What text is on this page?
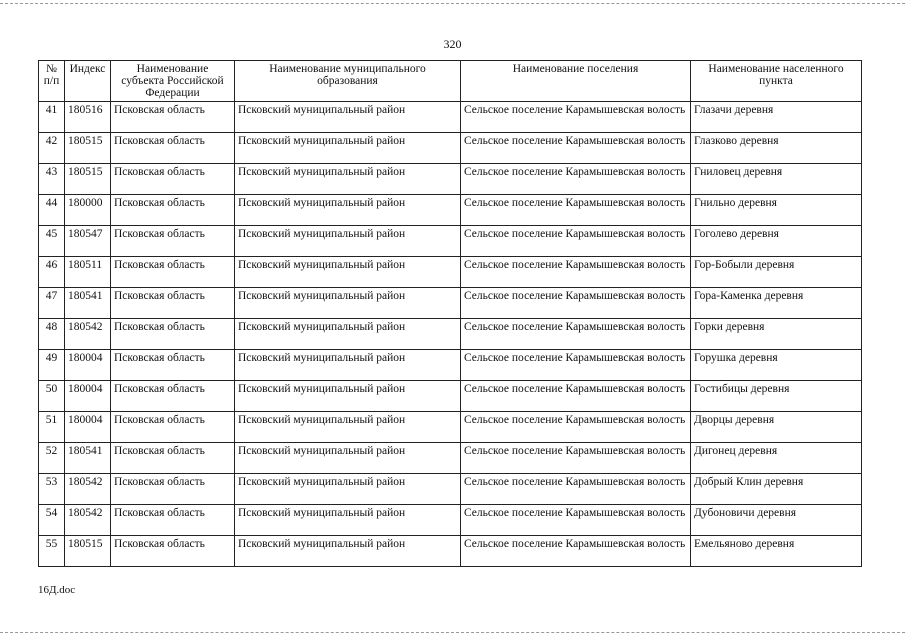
320
№ п/п	Индекс	Наименование субъекта Российской Федерации	Наименование муниципального образования	Наименование поселения	Наименование населенного пункта
41	180516	Псковская область	Псковский муниципальный район	Сельское поселение Карамышевская волость	Глазачи деревня
42	180515	Псковская область	Псковский муниципальный район	Сельское поселение Карамышевская волость	Глазково деревня
43	180515	Псковская область	Псковский муниципальный район	Сельское поселение Карамышевская волость	Гниловец деревня
44	180000	Псковская область	Псковский муниципальный район	Сельское поселение Карамышевская волость	Гнильно деревня
45	180547	Псковская область	Псковский муниципальный район	Сельское поселение Карамышевская волость	Гоголево деревня
46	180511	Псковская область	Псковский муниципальный район	Сельское поселение Карамышевская волость	Гор-Бобыли деревня
47	180541	Псковская область	Псковский муниципальный район	Сельское поселение Карамышевская волость	Гора-Каменка деревня
48	180542	Псковская область	Псковский муниципальный район	Сельское поселение Карамышевская волость	Горки деревня
49	180004	Псковская область	Псковский муниципальный район	Сельское поселение Карамышевская волость	Горушка деревня
50	180004	Псковская область	Псковский муниципальный район	Сельское поселение Карамышевская волость	Гостибицы деревня
51	180004	Псковская область	Псковский муниципальный район	Сельское поселение Карамышевская волость	Дворцы деревня
52	180541	Псковская область	Псковский муниципальный район	Сельское поселение Карамышевская волость	Дигонец деревня
53	180542	Псковская область	Псковский муниципальный район	Сельское поселение Карамышевская волость	Добрый Клин деревня
54	180542	Псковская область	Псковский муниципальный район	Сельское поселение Карамышевская волость	Дубоновичи деревня
55	180515	Псковская область	Псковский муниципальный район	Сельское поселение Карамышевская волость	Емельяново деревня
16Д.doc
